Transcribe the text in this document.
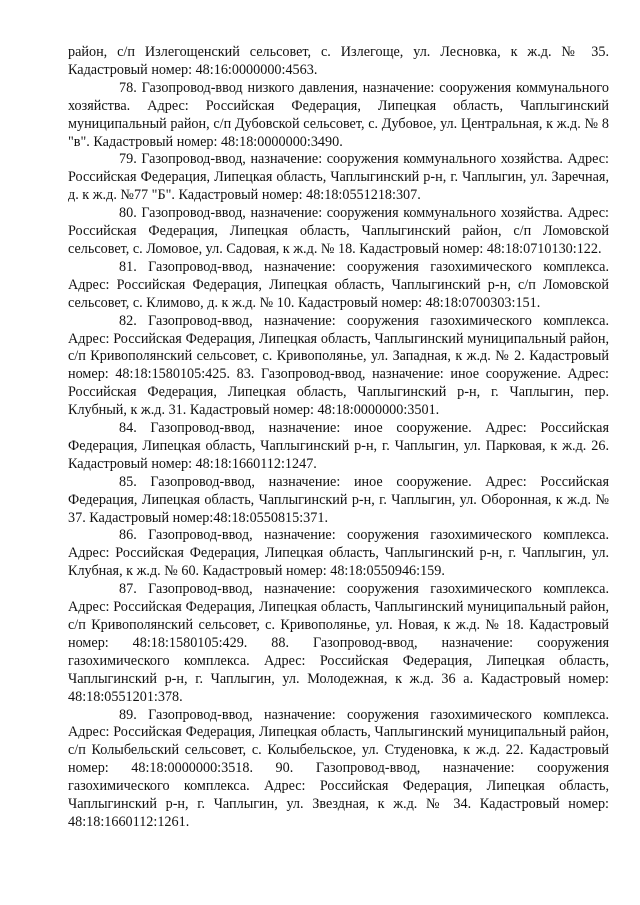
район, с/п Излегощенский сельсовет, с. Излегоще, ул. Лесновка, к ж.д. № 35. Кадастровый номер: 48:16:0000000:4563.

78. Газопровод-ввод низкого давления, назначение: сооружения коммунального хозяйства. Адрес: Российская Федерация, Липецкая область, Чаплыгинский муниципальный район, с/п Дубовской сельсовет, с. Дубовое, ул. Центральная, к ж.д. № 8 "в". Кадастровый номер: 48:18:0000000:3490.

79. Газопровод-ввод, назначение: сооружения коммунального хозяйства. Адрес: Российская Федерация, Липецкая область, Чаплыгинский р-н, г. Чаплыгин, ул. Заречная, д. к ж.д. №77 "Б". Кадастровый номер: 48:18:0551218:307.

80. Газопровод-ввод, назначение: сооружения коммунального хозяйства. Адрес: Российская Федерация, Липецкая область, Чаплыгинский район, с/п Ломовской сельсовет, с. Ломовое, ул. Садовая, к ж.д. № 18. Кадастровый номер: 48:18:0710130:122.

81. Газопровод-ввод, назначение: сооружения газохимического комплекса. Адрес: Российская Федерация, Липецкая область, Чаплыгинский р-н, с/п Ломовской сельсовет, с. Климово, д. к ж.д. № 10. Кадастровый номер: 48:18:0700303:151.

82. Газопровод-ввод, назначение: сооружения газохимического комплекса. Адрес: Российская Федерация, Липецкая область, Чаплыгинский муниципальный район, с/п Кривополянский сельсовет, с. Кривополянье, ул. Западная, к ж.д. № 2. Кадастровый номер: 48:18:1580105:425. 83. Газопровод-ввод, назначение: иное сооружение. Адрес: Российская Федерация, Липецкая область, Чаплыгинский р-н, г. Чаплыгин, пер. Клубный, к ж.д. 31. Кадастровый номер: 48:18:0000000:3501.

84. Газопровод-ввод, назначение: иное сооружение. Адрес: Российская Федерация, Липецкая область, Чаплыгинский р-н, г. Чаплыгин, ул. Парковая, к ж.д. 26. Кадастровый номер: 48:18:1660112:1247.

85. Газопровод-ввод, назначение: иное сооружение. Адрес: Российская Федерация, Липецкая область, Чаплыгинский р-н, г. Чаплыгин, ул. Оборонная, к ж.д. № 37. Кадастровый номер:48:18:0550815:371.

86. Газопровод-ввод, назначение: сооружения газохимического комплекса. Адрес: Российская Федерация, Липецкая область, Чаплыгинский р-н, г. Чаплыгин, ул. Клубная, к ж.д. № 60. Кадастровый номер: 48:18:0550946:159.

87. Газопровод-ввод, назначение: сооружения газохимического комплекса. Адрес: Российская Федерация, Липецкая область, Чаплыгинский муниципальный район, с/п Кривополянский сельсовет, с. Кривополянье, ул. Новая, к ж.д. № 18. Кадастровый номер: 48:18:1580105:429. 88. Газопровод-ввод, назначение: сооружения газохимического комплекса. Адрес: Российская Федерация, Липецкая область, Чаплыгинский р-н, г. Чаплыгин, ул. Молодежная, к ж.д. 36 а. Кадастровый номер: 48:18:0551201:378.

89. Газопровод-ввод, назначение: сооружения газохимического комплекса. Адрес: Российская Федерация, Липецкая область, Чаплыгинский муниципальный район, с/п Колыбельский сельсовет, с. Колыбельское, ул. Студеновка, к ж.д. 22. Кадастровый номер: 48:18:0000000:3518. 90. Газопровод-ввод, назначение: сооружения газохимического комплекса. Адрес: Российская Федерация, Липецкая область, Чаплыгинский р-н, г. Чаплыгин, ул. Звездная, к ж.д. № 34. Кадастровый номер: 48:18:1660112:1261.
